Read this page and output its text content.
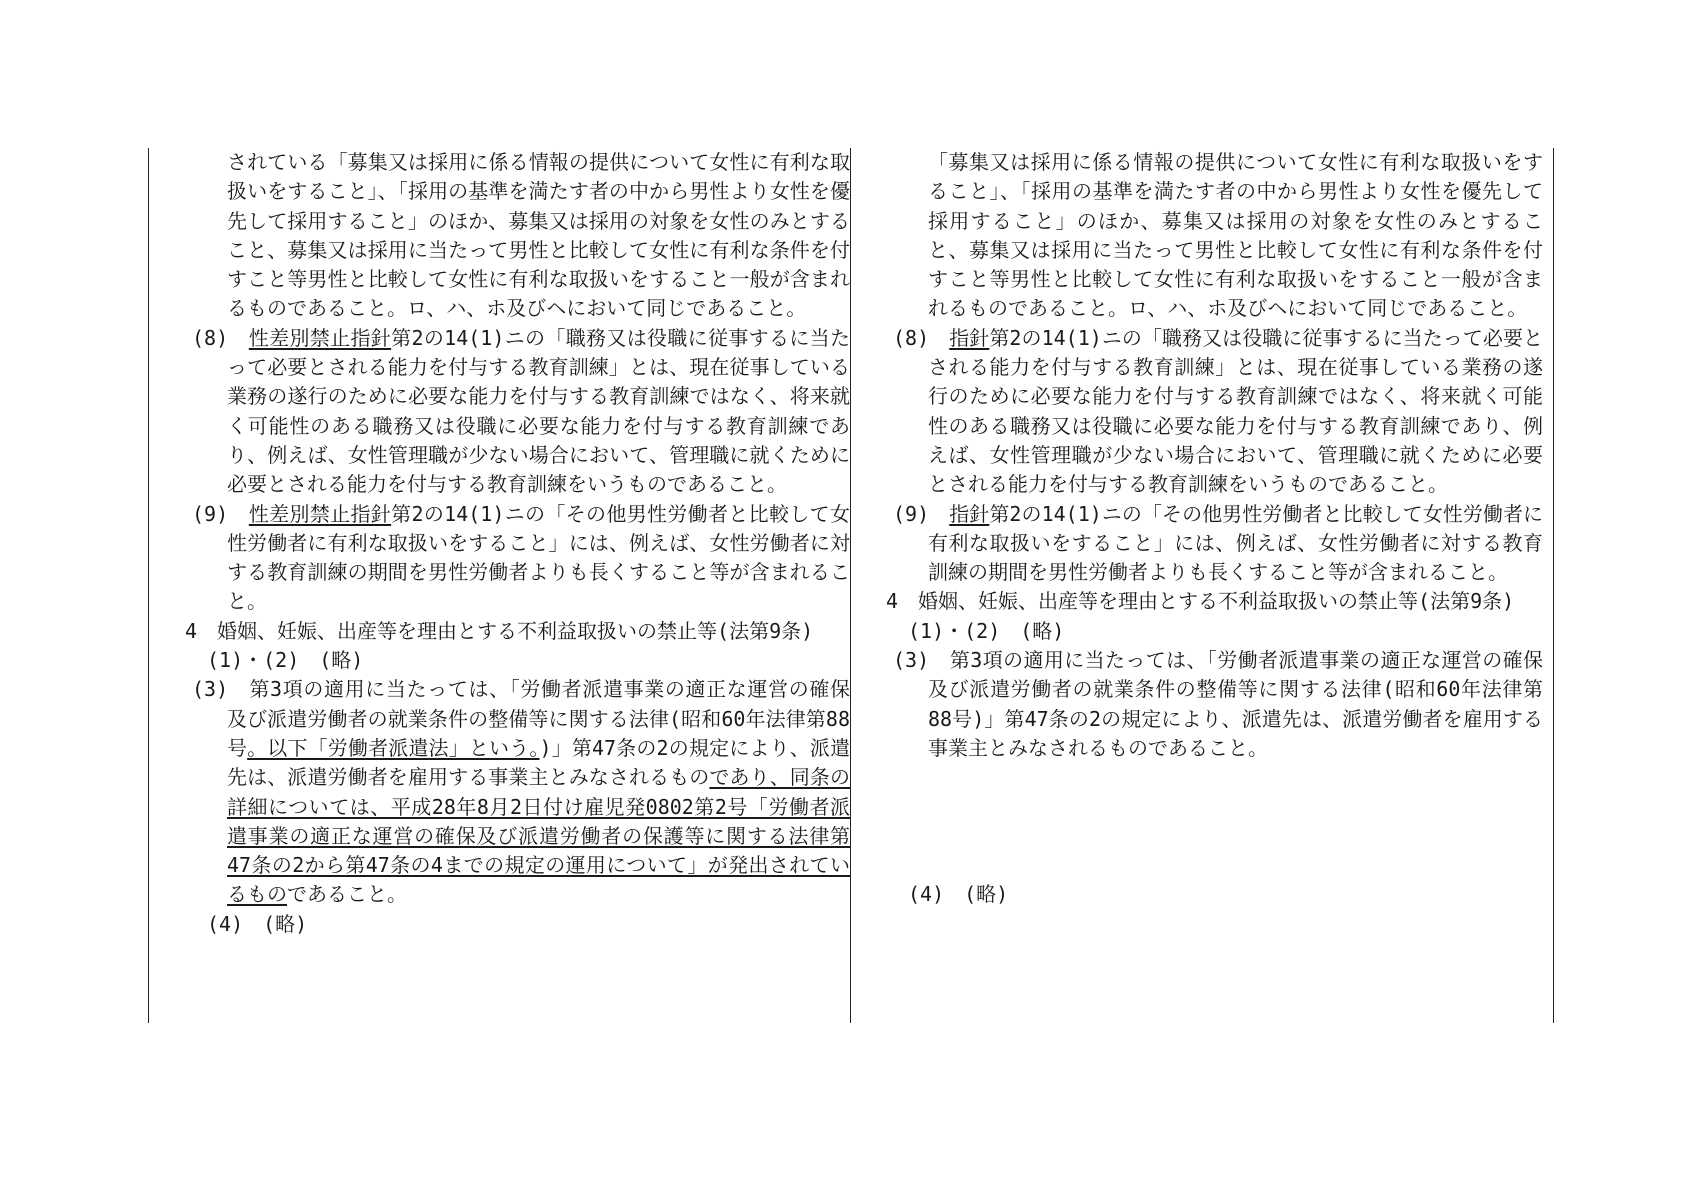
されている「募集又は採用に係る情報の提供について女性に有利な取扱いをすること」、「採用の基準を満たす者の中から男性より女性を優先して採用すること」のほか、募集又は採用の対象を女性のみとすること、募集又は採用に当たって男性と比較して女性に有利な条件を付すこと等男性と比較して女性に有利な取扱いをすること一般が含まれるものであること。ロ、ハ、ホ及びヘにおいて同じであること。

(8)　 性差別禁止指針第2の14(1)ニの「職務又は役職に従事するに当たって必要とされる能力を付与する教育訓練」とは、現在従事している業務の遂行のために必要な能力を付与する教育訓練ではなく、将来就く可能性のある職務又は役職に必要な能力を付与する教育訓練であり、例えば、女性管理職が少ない場合において、管理職に就くために必要とされる能力を付与する教育訓練をいうものであること。

(9)　 性差別禁止指針第2の14(1)ニの「その他男性労働者と比較して女性労働者に有利な取扱いをすること」には、例えば、女性労働者に対する教育訓練の期間を男性労働者よりも長くすること等が含まれること。

4　婚姻、妊娠、出産等を理由とする不利益取扱いの禁止等(法第9条)

(1)・(2)　(略)

(3)　第3項の適用に当たっては、「労働者派遣事業の適正な運営の確保及び派遣労働者の就業条件の整備等に関する法律(昭和60年法律第88号。以下「労働者派遣法」という。)」第47条の2の規定により、派遣先は、派遣労働者を雇用する事業主とみなされるものであり、同条の詳細については、平成28年8月2日付け雇児発0802第2号「労働者派遣事業の適正な運営の確保及び派遣労働者の保護等に関する法律第47条の2から第47条の4までの規定の運用について」が発出されているものであること。

(4)　(略)

「募集又は採用に係る情報の提供について女性に有利な取扱いをすること」、「採用の基準を満たす者の中から男性より女性を優先して採用すること」のほか、募集又は採用の対象を女性のみとすること、募集又は採用に当たって男性と比較して女性に有利な条件を付すこと等男性と比較して女性に有利な取扱いをすること一般が含まれるものであること。ロ、ハ、ホ及びヘにおいて同じであること。

(8)　 指針第2の14(1)ニの「職務又は役職に従事するに当たって必要とされる能力を付与する教育訓練」とは、現在従事している業務の遂行のために必要な能力を付与する教育訓練ではなく、将来就く可能性のある職務又は役職に必要な能力を付与する教育訓練であり、例えば、女性管理職が少ない場合において、管理職に就くために必要とされる能力を付与する教育訓練をいうものであること。

(9)　 指針第2の14(1)ニの「その他男性労働者と比較して女性労働者に有利な取扱いをすること」には、例えば、女性労働者に対する教育訓練の期間を男性労働者よりも長くすること等が含まれること。

4　婚姻、妊娠、出産等を理由とする不利益取扱いの禁止等(法第9条)

(1)・(2)　(略)

(3)　第3項の適用に当たっては、「労働者派遣事業の適正な運営の確保及び派遣労働者の就業条件の整備等に関する法律(昭和60年法律第88号)」第47条の2の規定により、派遣先は、派遣労働者を雇用する事業主とみなされるものであること。

(4)　(略)
